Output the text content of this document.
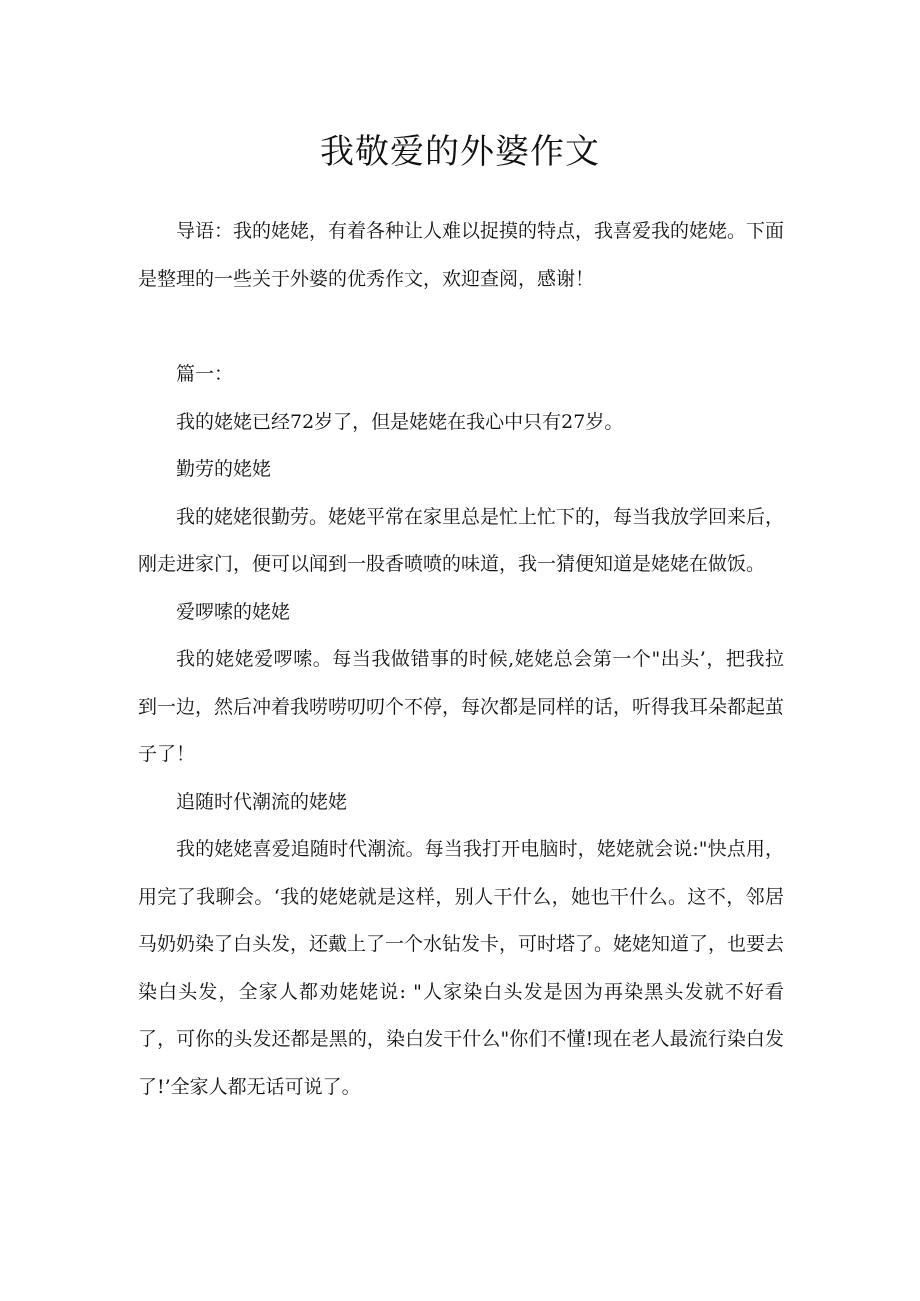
我敬爱的外婆作文

导语：我的姥姥，有着各种让人难以捉摸的特点，我喜爱我的姥姥。下面是整理的一些关于外婆的优秀作文，欢迎查阅，感谢！

篇一：

我的姥姥已经72岁了，但是姥姥在我心中只有27岁。

勤劳的姥姥

我的姥姥很勤劳。姥姥平常在家里总是忙上忙下的，每当我放学回来后，刚走进家门，便可以闻到一股香喷喷的味道，我一猜便知道是姥姥在做饭。

爱啰嗦的姥姥

我的姥姥爱啰嗦。每当我做错事的时候,姥姥总会第一个"出头’，把我拉到一边，然后冲着我唠唠叨叨个不停，每次都是同样的话，听得我耳朵都起茧子了！

追随时代潮流的姥姥

我的姥姥喜爱追随时代潮流。每当我打开电脑时，姥姥就会说:"快点用，用完了我聊会。‘我的姥姥就是这样，别人干什么，她也干什么。这不，邻居马奶奶染了白头发，还戴上了一个水钻发卡，可时塔了。姥姥知道了，也要去染白头发，全家人都劝姥姥说: "人家染白头发是因为再染黑头发就不好看了，可你的头发还都是黑的，染白发干什么"你们不懂!现在老人最流行染白发了!’全家人都无话可说了。
